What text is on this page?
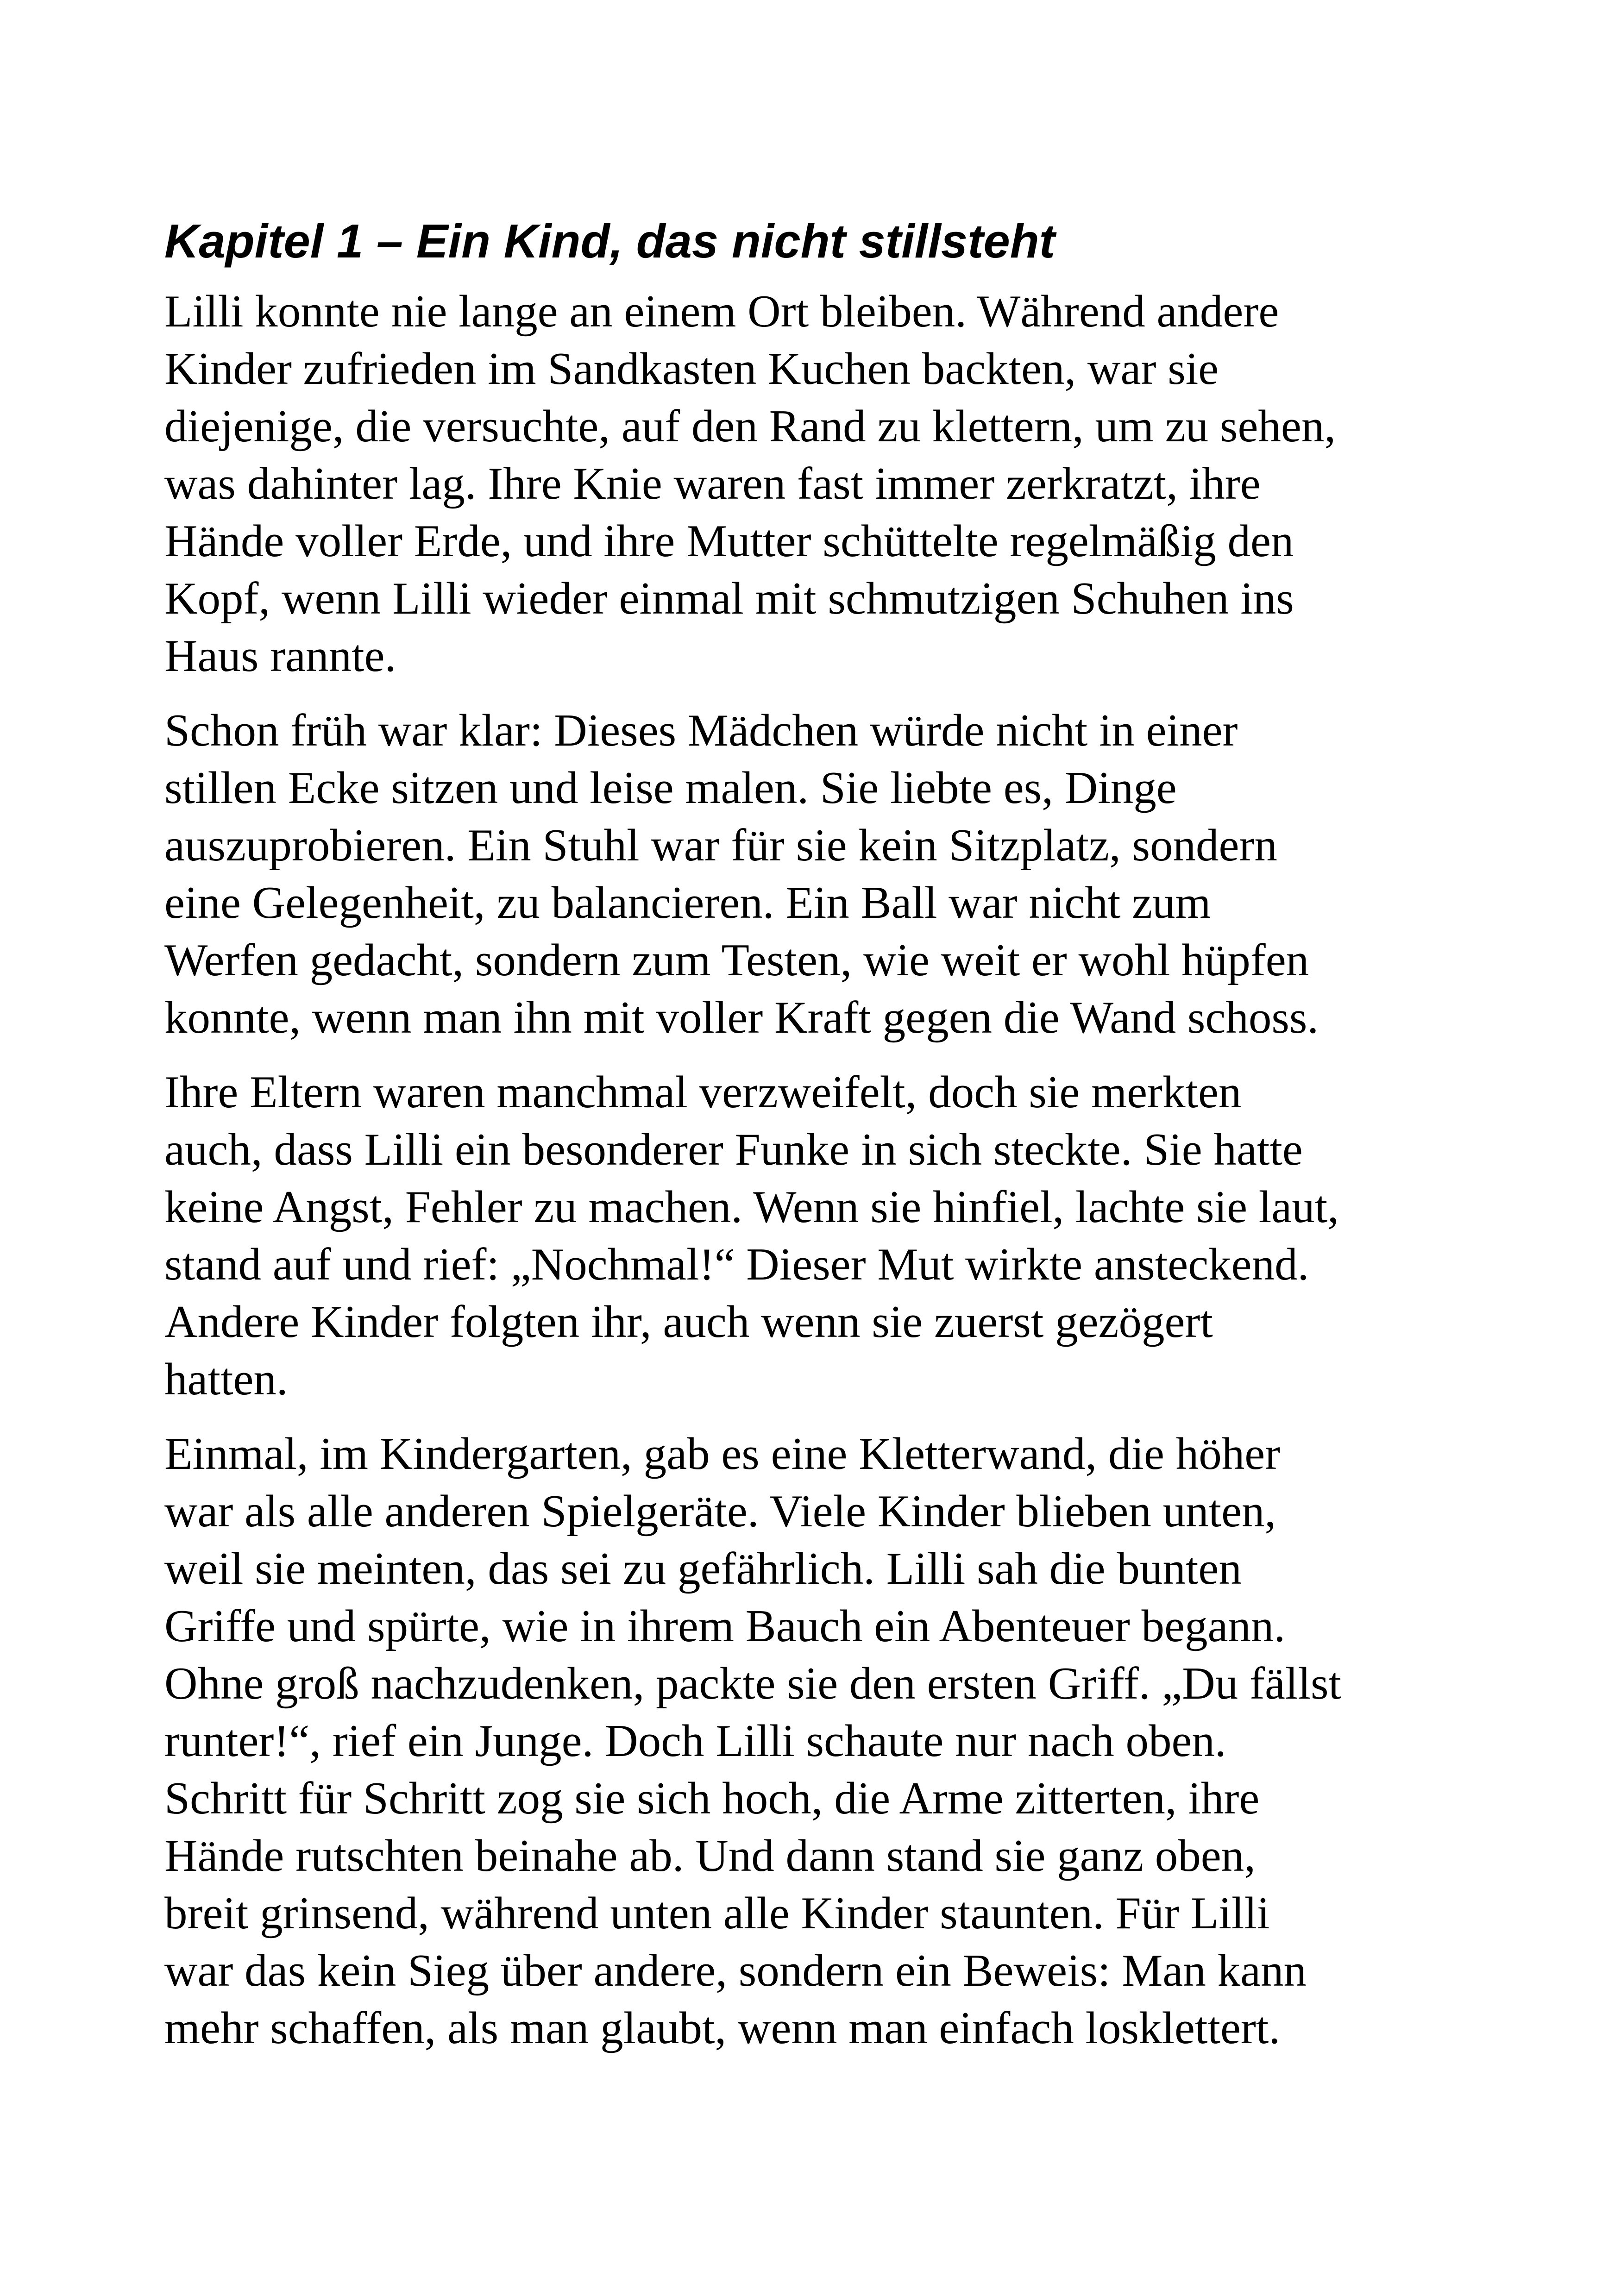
Kapitel 1 – Ein Kind, das nicht stillsteht

Lilli konnte nie lange an einem Ort bleiben. Während andere
Kinder zufrieden im Sandkasten Kuchen backten, war sie
diejenige, die versuchte, auf den Rand zu klettern, um zu sehen,
was dahinter lag. Ihre Knie waren fast immer zerkratzt, ihre
Hände voller Erde, und ihre Mutter schüttelte regelmäßig den
Kopf, wenn Lilli wieder einmal mit schmutzigen Schuhen ins
Haus rannte.

Schon früh war klar: Dieses Mädchen würde nicht in einer
stillen Ecke sitzen und leise malen. Sie liebte es, Dinge
auszuprobieren. Ein Stuhl war für sie kein Sitzplatz, sondern
eine Gelegenheit, zu balancieren. Ein Ball war nicht zum
Werfen gedacht, sondern zum Testen, wie weit er wohl hüpfen
konnte, wenn man ihn mit voller Kraft gegen die Wand schoss.

Ihre Eltern waren manchmal verzweifelt, doch sie merkten
auch, dass Lilli ein besonderer Funke in sich steckte. Sie hatte
keine Angst, Fehler zu machen. Wenn sie hinfiel, lachte sie laut,
stand auf und rief: „Nochmal!“ Dieser Mut wirkte ansteckend.
Andere Kinder folgten ihr, auch wenn sie zuerst gezögert
hatten.

Einmal, im Kindergarten, gab es eine Kletterwand, die höher
war als alle anderen Spielgeräte. Viele Kinder blieben unten,
weil sie meinten, das sei zu gefährlich. Lilli sah die bunten
Griffe und spürte, wie in ihrem Bauch ein Abenteuer begann.
Ohne groß nachzudenken, packte sie den ersten Griff. „Du fällst
runter!“, rief ein Junge. Doch Lilli schaute nur nach oben.
Schritt für Schritt zog sie sich hoch, die Arme zitterten, ihre
Hände rutschten beinahe ab. Und dann stand sie ganz oben,
breit grinsend, während unten alle Kinder staunten. Für Lilli
war das kein Sieg über andere, sondern ein Beweis: Man kann
mehr schaffen, als man glaubt, wenn man einfach losklettert.
